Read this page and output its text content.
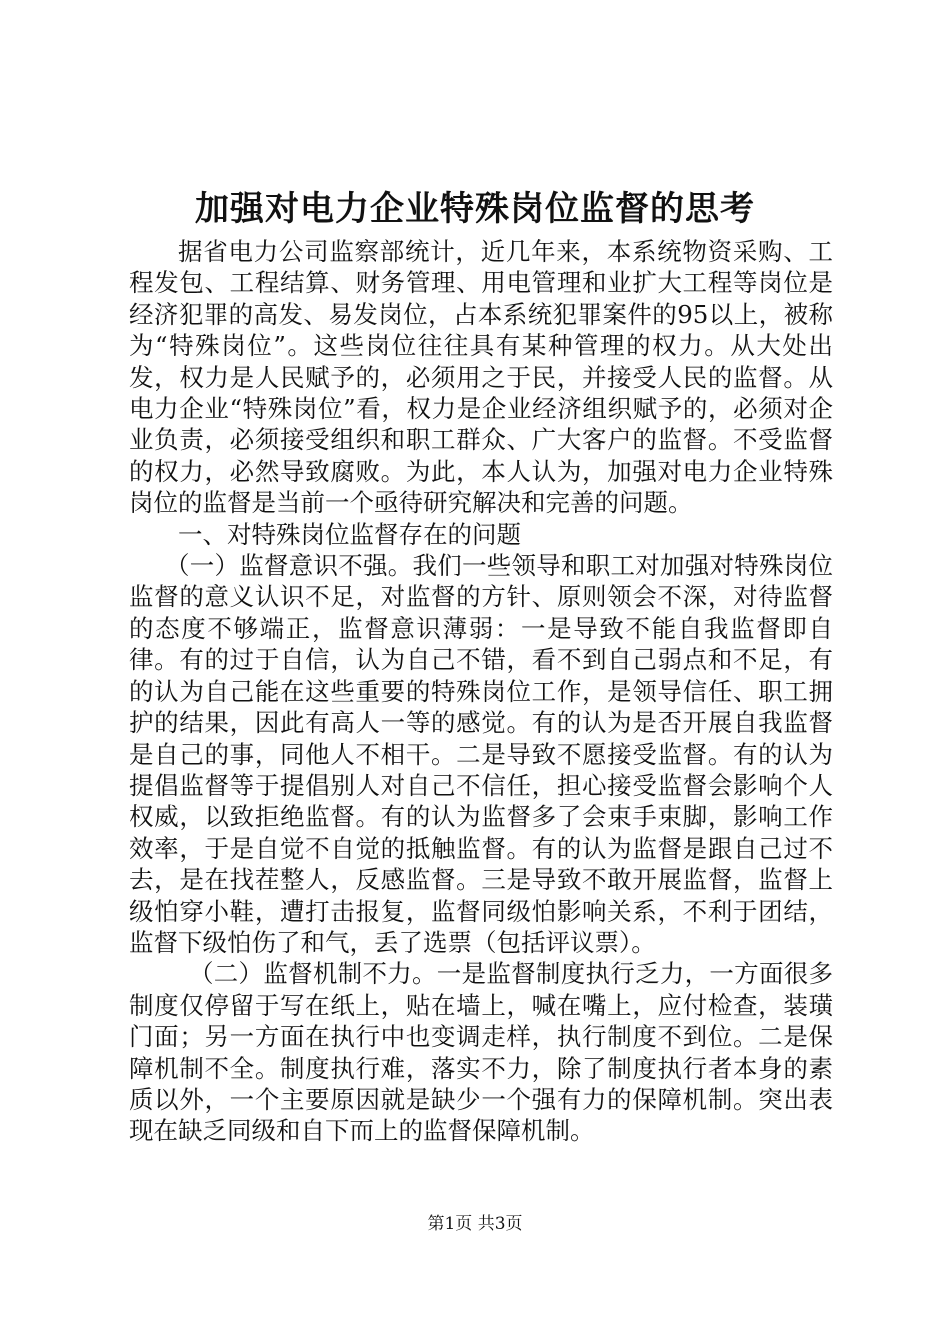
加强对电力企业特殊岗位监督的思考

据省电力公司监察部统计，近几年来，本系统物资采购、工程发包、工程结算、财务管理、用电管理和业扩大工程等岗位是经济犯罪的高发、易发岗位，占本系统犯罪案件的95以上，被称为“特殊岗位”。这些岗位往往具有某种管理的权力。从大处出发，权力是人民赋予的，必须用之于民，并接受人民的监督。从电力企业“特殊岗位”看，权力是企业经济组织赋予的，必须对企业负责，必须接受组织和职工群众、广大客户的监督。不受监督的权力，必然导致腐败。为此，本人认为，加强对电力企业特殊岗位的监督是当前一个亟待研究解决和完善的问题。

一、对特殊岗位监督存在的问题

（一）监督意识不强。我们一些领导和职工对加强对特殊岗位监督的意义认识不足，对监督的方针、原则领会不深，对待监督的态度不够端正，监督意识薄弱：一是导致不能自我监督即自律。有的过于自信，认为自己不错，看不到自己弱点和不足，有的认为自己能在这些重要的特殊岗位工作，是领导信任、职工拥护的结果，因此有高人一等的感觉。有的认为是否开展自我监督是自己的事，同他人不相干。二是导致不愿接受监督。有的认为提倡监督等于提倡别人对自己不信任，担心接受监督会影响个人权威，以致拒绝监督。有的认为监督多了会束手束脚，影响工作效率，于是自觉不自觉的抵触监督。有的认为监督是跟自己过不去，是在找茬整人，反感监督。三是导致不敢开展监督，监督上级怕穿小鞋，遭打击报复，监督同级怕影响关系，不利于团结，监督下级怕伤了和气，丢了选票（包括评议票）。

（二）监督机制不力。一是监督制度执行乏力，一方面很多制度仅停留于写在纸上，贴在墙上，喊在嘴上，应付检查，装璜门面；另一方面在执行中也变调走样，执行制度不到位。二是保障机制不全。制度执行难，落实不力，除了制度执行者本身的素质以外，一个主要原因就是缺少一个强有力的保障机制。突出表现在缺乏同级和自下而上的监督保障机制。

第1页 共3页
